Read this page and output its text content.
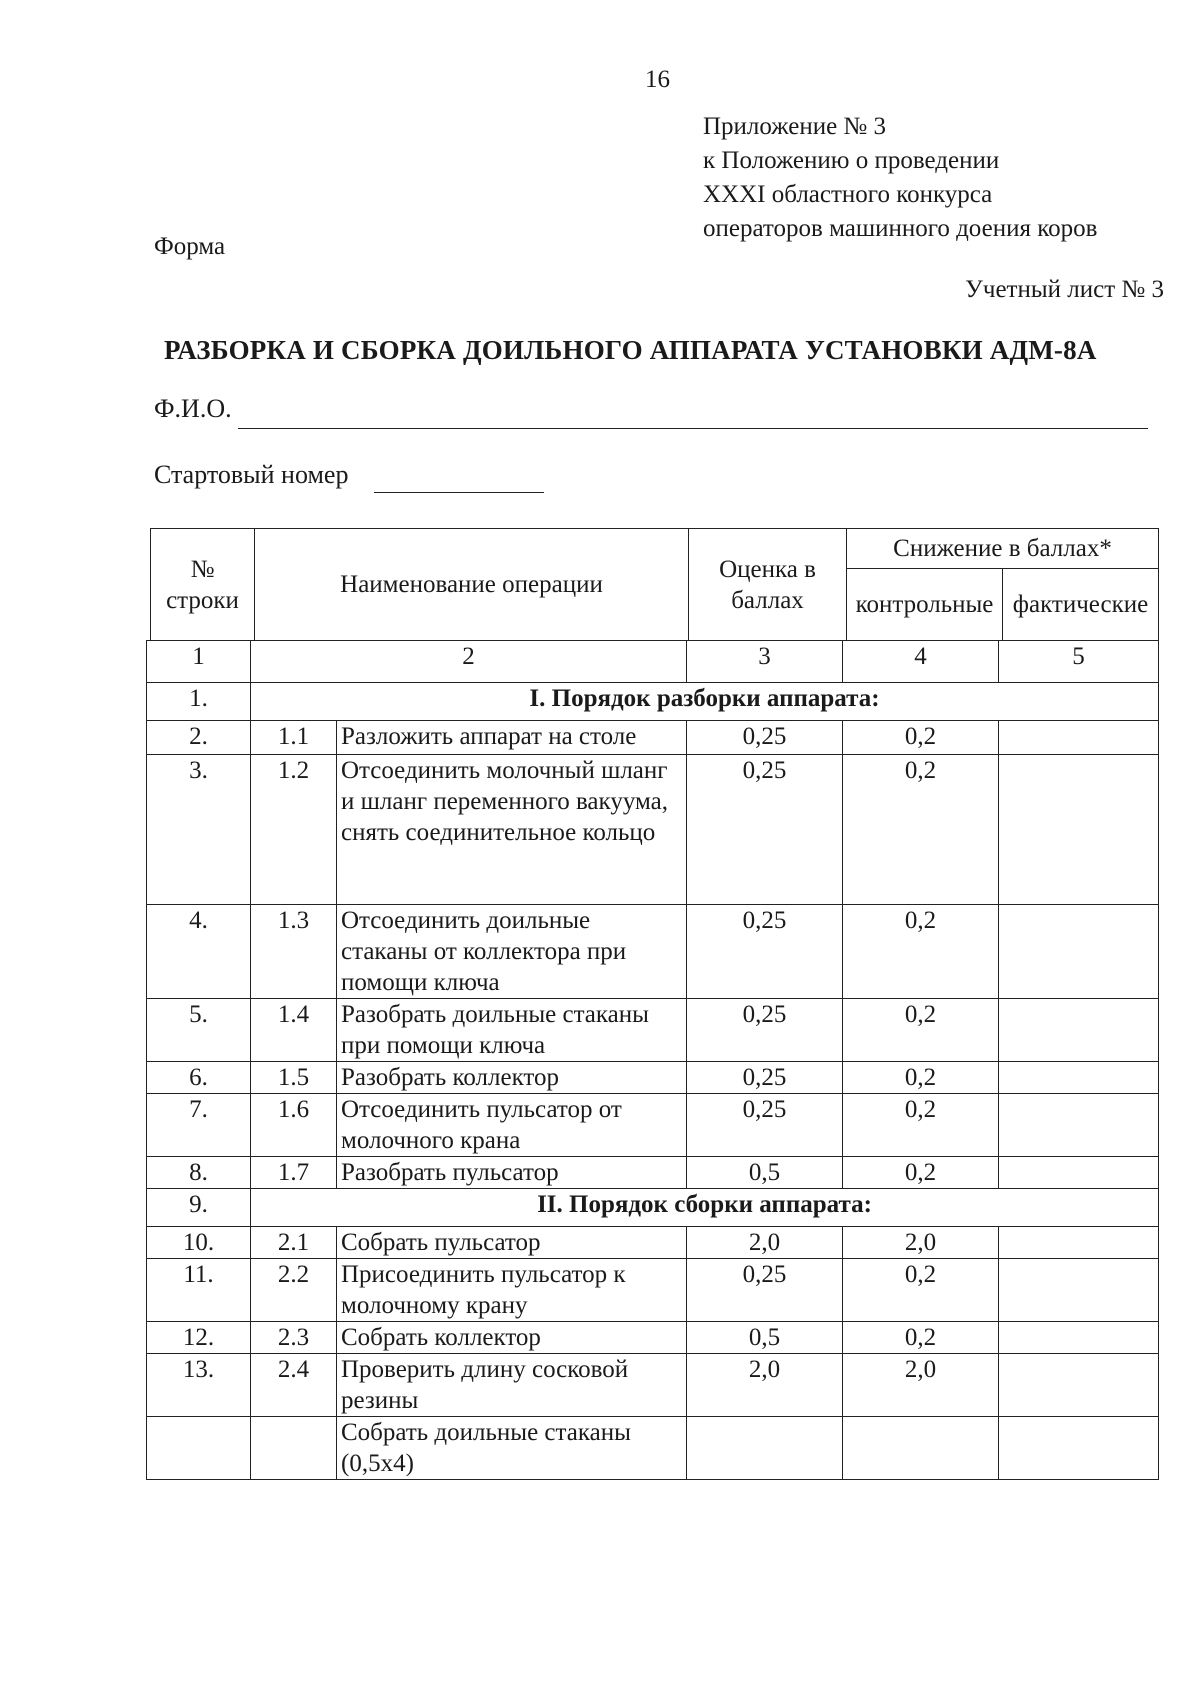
16
Приложение № 3
к Положению о проведении
XXXI областного конкурса
операторов машинного доения коров
Форма
Учетный лист № 3
РАЗБОРКА И СБОРКА ДОИЛЬНОГО АППАРАТА УСТАНОВКИ АДМ-8А
Ф.И.О.
Стартовый номер
№ строки	Наименование операции	Оценка в баллах	Снижение в баллах*	
			контрольные	фактические
1	2		3	4	5
1.	I. Порядок разборки аппарата:				
2.	1.1	Разложить аппарат на столе	0,25	0,2	
3.	1.2	Отсоединить молочный шланг и шланг переменного вакуума, снять соединительное кольцо	0,25	0,2	
4.	1.3	Отсоединить доильные стаканы от коллектора при помощи ключа	0,25	0,2	
5.	1.4	Разобрать доильные стаканы при помощи ключа	0,25	0,2	
6.	1.5	Разобрать коллектор	0,25	0,2	
7.	1.6	Отсоединить пульсатор от молочного крана	0,25	0,2	
8.	1.7	Разобрать пульсатор	0,5	0,2	
9.	II. Порядок сборки аппарата:				
10.	2.1	Собрать пульсатор	2,0	2,0	
11.	2.2	Присоединить пульсатор к молочному крану	0,25	0,2	
12.	2.3	Собрать коллектор	0,5	0,2	
13.	2.4	Проверить длину сосковой резины	2,0	2,0	
		Собрать доильные стаканы (0,5х4)			
